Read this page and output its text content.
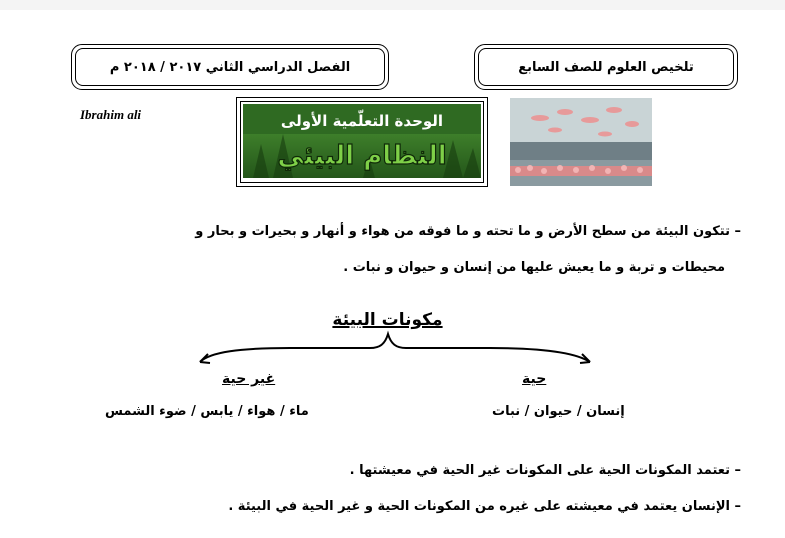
تلخيص العلوم للصف السابع
الفصل الدراسي الثاني ٢٠١٧ / ٢٠١٨ م
Ibrahim ali	الوحدة التعلّمية الأولى
النظام البيئي
– تتكون البيئة من سطح الأرض و ما تحته و ما فوقه من هواء و أنهار و بحيرات و بحار و
محيطات و تربة و ما يعيش عليها من إنسان و حيوان و نبات .
مكونات البيئة
حية
غير حية
إنسان / حيوان / نبات
ماء / هواء / يابس / ضوء الشمس
– تعتمد المكونات الحية على المكونات غير الحية في معيشتها .
– الإنسان يعتمد في معيشته على غيره من المكونات الحية و غير الحية في البيئة .
